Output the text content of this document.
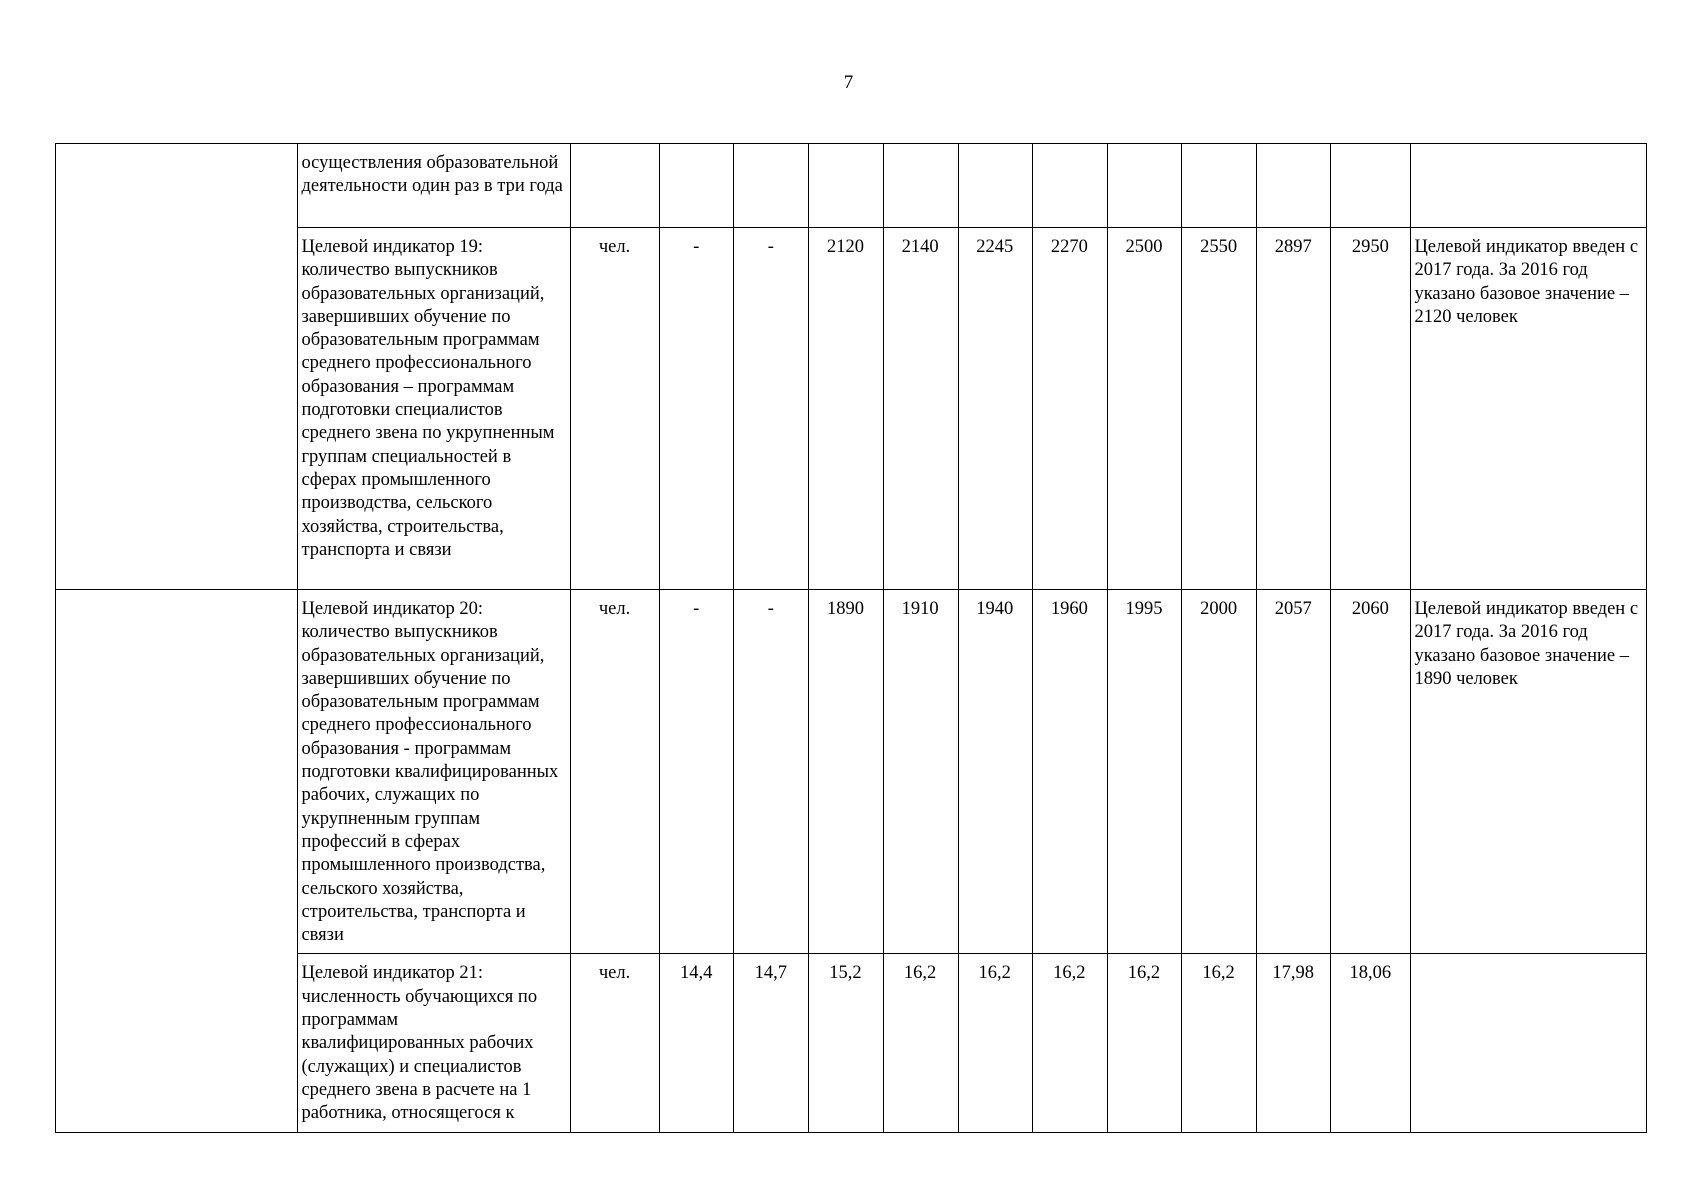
7
	осуществления образовательной деятельности один раз в три года												
	Целевой индикатор 19: количество выпускников образовательных организаций, завершивших обучение по образовательным программам среднего профессионального образования – программам подготовки специалистов среднего звена по укрупненным группам специальностей в сферах промышленного производства, сельского хозяйства, строительства, транспорта и связи	чел.	-	-	2120	2140	2245	2270	2500	2550	2897	2950	Целевой индикатор введен с 2017 года. За 2016 год указано базовое значение – 2120 человек
	Целевой индикатор 20: количество выпускников образовательных организаций, завершивших обучение по образовательным программам среднего профессионального образования - программам подготовки квалифицированных рабочих, служащих по укрупненным группам профессий в сферах промышленного производства, сельского хозяйства, строительства, транспорта и связи	чел.	-	-	1890	1910	1940	1960	1995	2000	2057	2060	Целевой индикатор введен с 2017 года. За 2016 год указано базовое значение – 1890 человек
	Целевой индикатор 21: численность обучающихся по программам квалифицированных рабочих (служащих) и специалистов среднего звена в расчете на 1 работника, относящегося к	чел.	14,4	14,7	15,2	16,2	16,2	16,2	16,2	16,2	17,98	18,06	
